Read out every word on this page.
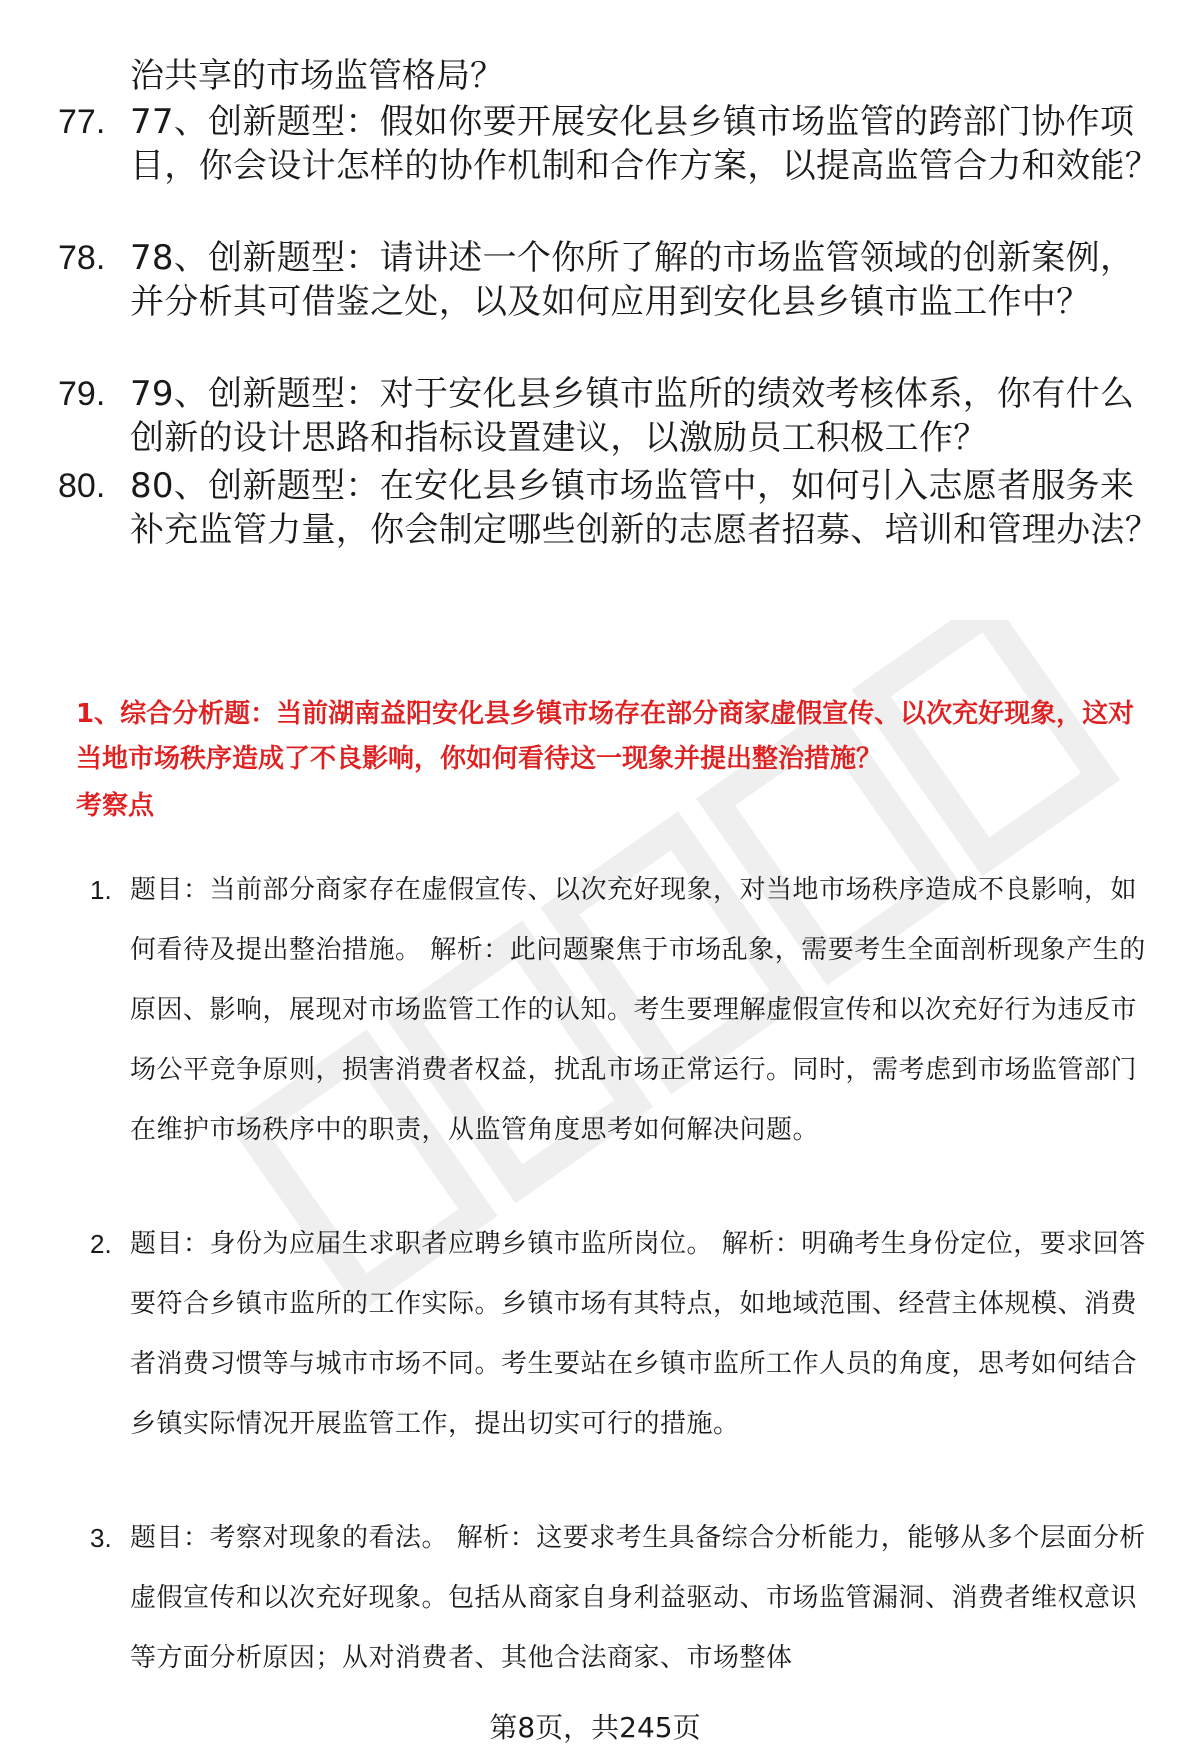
治共享的市场监管格局？
77. 77、创新题型：假如你要开展安化县乡镇市场监管的跨部门协作项目，你会设计怎样的协作机制和合作方案，以提高监管合力和效能？
78. 78、创新题型：请讲述一个你所了解的市场监管领域的创新案例，并分析其可借鉴之处，以及如何应用到安化县乡镇市监工作中？
79. 79、创新题型：对于安化县乡镇市监所的绩效考核体系，你有什么创新的设计思路和指标设置建议，以激励员工积极工作？
80. 80、创新题型：在安化县乡镇市场监管中，如何引入志愿者服务来补充监管力量，你会制定哪些创新的志愿者招募、培训和管理办法？
1、综合分析题：当前湖南益阳安化县乡镇市场存在部分商家虚假宣传、以次充好现象，这对当地市场秩序造成了不良影响，你如何看待这一现象并提出整治措施？
考察点
1. 题目：当前部分商家存在虚假宣传、以次充好现象，对当地市场秩序造成不良影响，如何看待及提出整治措施。 解析：此问题聚焦于市场乱象，需要考生全面剖析现象产生的原因、影响，展现对市场监管工作的认知。考生要理解虚假宣传和以次充好行为违反市场公平竞争原则，损害消费者权益，扰乱市场正常运行。同时，需考虑到市场监管部门在维护市场秩序中的职责，从监管角度思考如何解决问题。
2. 题目：身份为应届生求职者应聘乡镇市监所岗位。 解析：明确考生身份定位，要求回答要符合乡镇市监所的工作实际。乡镇市场有其特点，如地域范围、经营主体规模、消费者消费习惯等与城市市场不同。考生要站在乡镇市监所工作人员的角度，思考如何结合乡镇实际情况开展监管工作，提出切实可行的措施。
3. 题目：考察对现象的看法。 解析：这要求考生具备综合分析能力，能够从多个层面分析虚假宣传和以次充好现象。包括从商家自身利益驱动、市场监管漏洞、消费者维权意识等方面分析原因；从对消费者、其他合法商家、市场整体
第8页，共245页
